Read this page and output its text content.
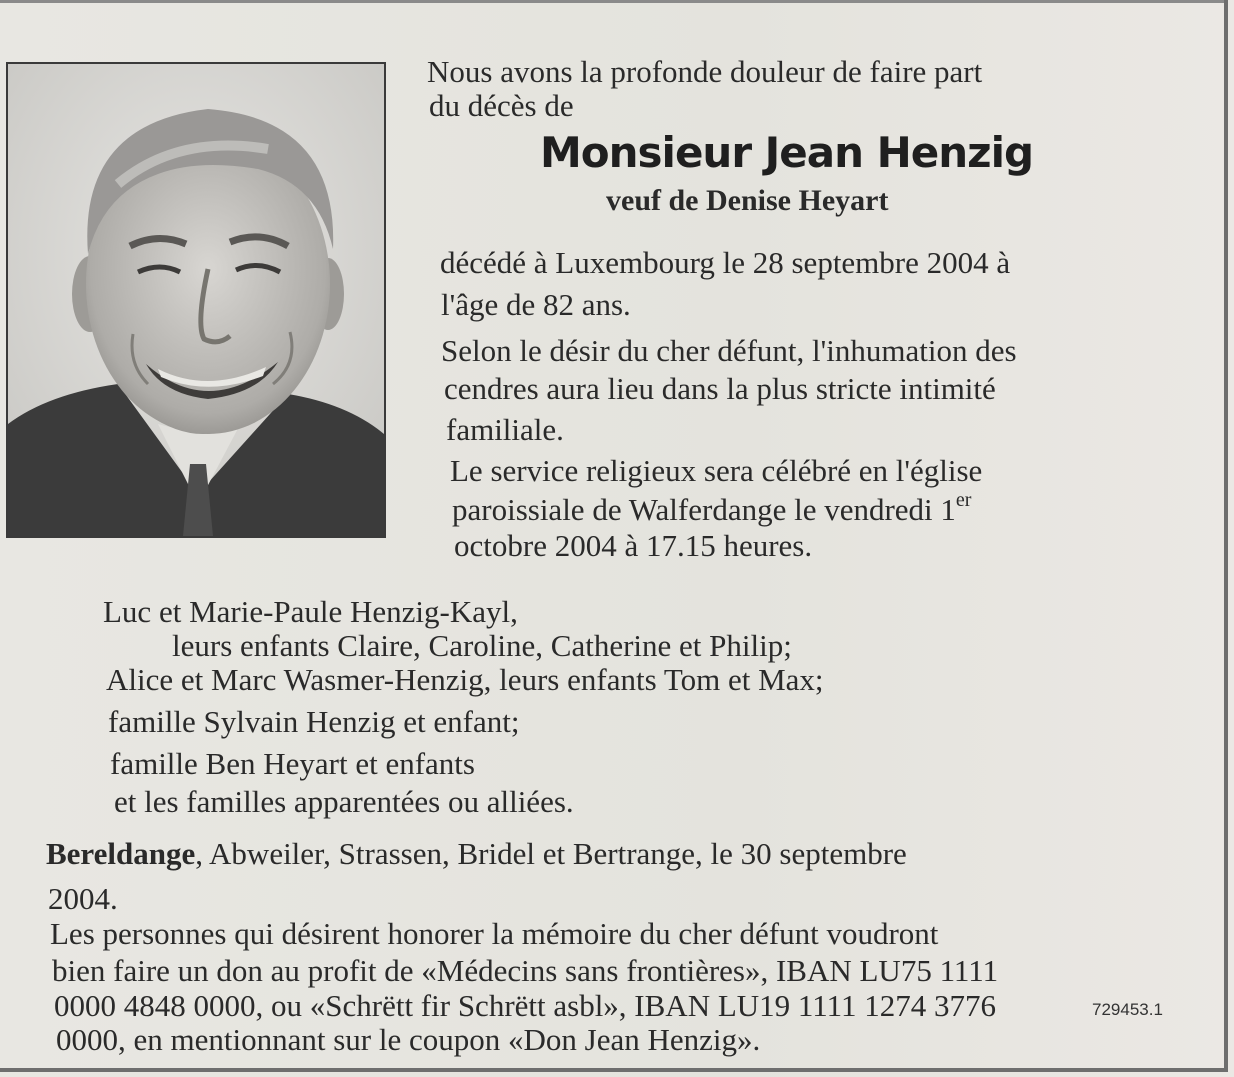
Nous avons la profonde douleur de faire part
du décès de
Monsieur Jean Henzig
veuf de Denise Heyart
décédé à Luxembourg le 28 septembre 2004 à
l'âge de 82 ans.
Selon le désir du cher défunt, l'inhumation des
cendres aura lieu dans la plus stricte intimité
familiale.
Le service religieux sera célébré en l'église
paroissiale de Walferdange le vendredi 1er
octobre 2004 à 17.15 heures.
Luc et Marie-Paule Henzig-Kayl,
leurs enfants Claire, Caroline, Catherine et Philip;
Alice et Marc Wasmer-Henzig, leurs enfants Tom et Max;
famille Sylvain Henzig et enfant;
famille Ben Heyart et enfants
et les familles apparentées ou alliées.
Bereldange, Abweiler, Strassen, Bridel et Bertrange, le 30 septembre
2004.
Les personnes qui désirent honorer la mémoire du cher défunt voudront
bien faire un don au profit de «Médecins sans frontières», IBAN LU75 1111
0000 4848 0000, ou «Schrëtt fir Schrëtt asbl», IBAN LU19 1111 1274 3776
0000, en mentionnant sur le coupon «Don Jean Henzig».
729453.1
